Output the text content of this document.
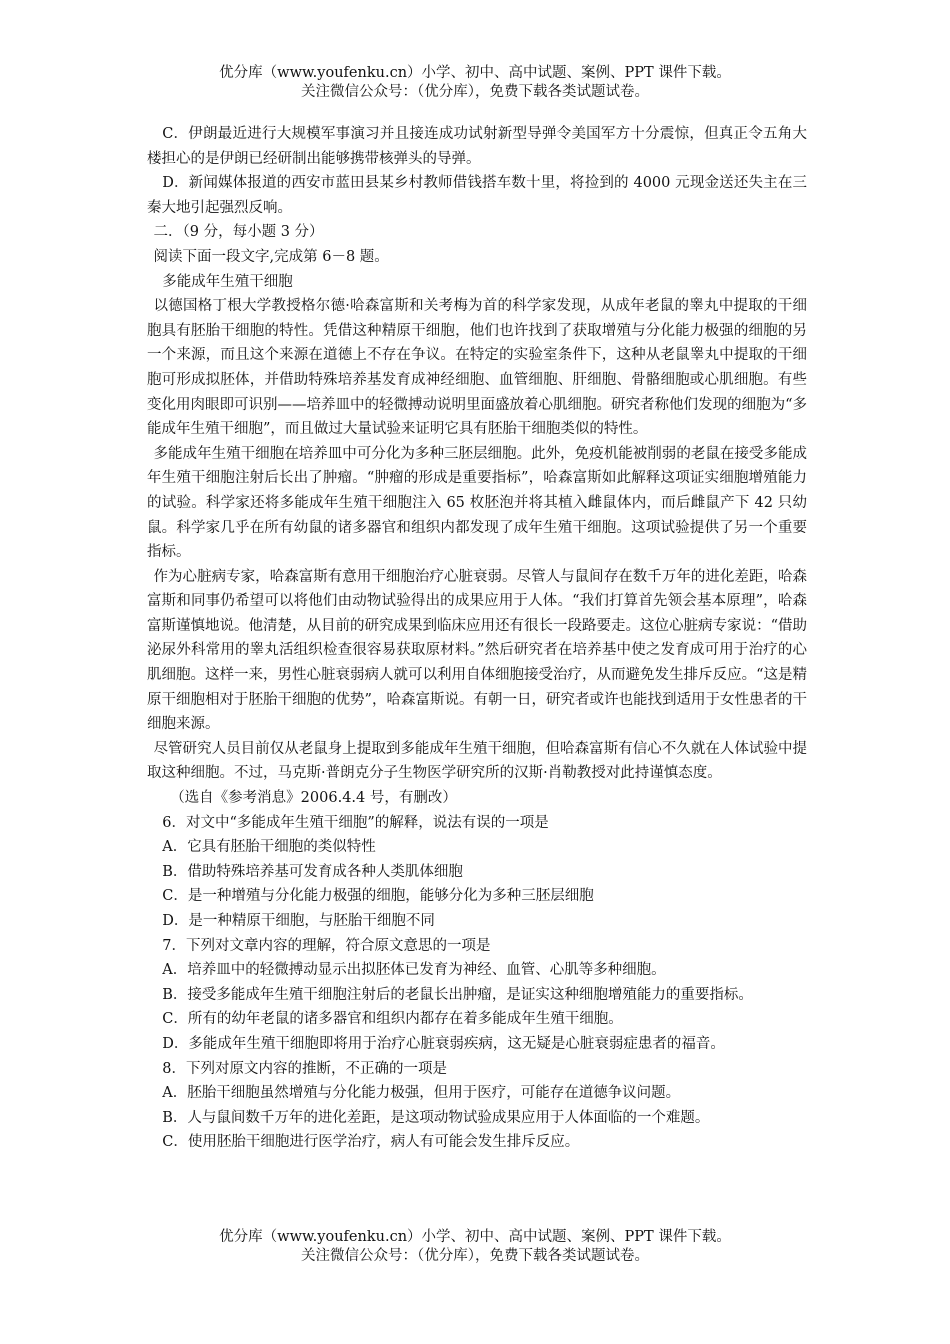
优分库（www.youfenku.cn）小学、初中、高中试题、案例、PPT 课件下载。
关注微信公众号：（优分库），免费下载各类试题试卷。

C．伊朗最近进行大规模军事演习并且接连成功试射新型导弹令美国军方十分震惊，但真正令五角大楼担心的是伊朗已经研制出能够携带核弹头的导弹。

D．新闻媒体报道的西安市蓝田县某乡村教师借钱搭车数十里，将捡到的 4000 元现金送还失主在三秦大地引起强烈反响。

二．（9 分，每小题 3 分）

阅读下面一段文字,完成第 6－8 题。

多能成年生殖干细胞

以德国格丁根大学教授格尔德·哈森富斯和关考梅为首的科学家发现，从成年老鼠的睾丸中提取的干细胞具有胚胎干细胞的特性。凭借这种精原干细胞，他们也许找到了获取增殖与分化能力极强的细胞的另一个来源，而且这个来源在道德上不存在争议。在特定的实验室条件下，这种从老鼠睾丸中提取的干细胞可形成拟胚体，并借助特殊培养基发育成神经细胞、血管细胞、肝细胞、骨骼细胞或心肌细胞。有些变化用肉眼即可识别——培养皿中的轻微搏动说明里面盛放着心肌细胞。研究者称他们发现的细胞为“多能成年生殖干细胞”，而且做过大量试验来证明它具有胚胎干细胞类似的特性。

多能成年生殖干细胞在培养皿中可分化为多种三胚层细胞。此外，免疫机能被削弱的老鼠在接受多能成年生殖干细胞注射后长出了肿瘤。“肿瘤的形成是重要指标”，哈森富斯如此解释这项证实细胞增殖能力的试验。科学家还将多能成年生殖干细胞注入 65 枚胚泡并将其植入雌鼠体内，而后雌鼠产下 42 只幼鼠。科学家几乎在所有幼鼠的诸多器官和组织内都发现了成年生殖干细胞。这项试验提供了另一个重要指标。

作为心脏病专家，哈森富斯有意用干细胞治疗心脏衰弱。尽管人与鼠间存在数千万年的进化差距，哈森富斯和同事仍希望可以将他们由动物试验得出的成果应用于人体。“我们打算首先领会基本原理”，哈森富斯谨慎地说。他清楚，从目前的研究成果到临床应用还有很长一段路要走。这位心脏病专家说：“借助泌尿外科常用的睾丸活组织检查很容易获取原材料。”然后研究者在培养基中使之发育成可用于治疗的心肌细胞。这样一来，男性心脏衰弱病人就可以利用自体细胞接受治疗，从而避免发生排斥反应。“这是精原干细胞相对于胚胎干细胞的优势”，哈森富斯说。有朝一日，研究者或许也能找到适用于女性患者的干细胞来源。

尽管研究人员目前仅从老鼠身上提取到多能成年生殖干细胞，但哈森富斯有信心不久就在人体试验中提取这种细胞。不过，马克斯·普朗克分子生物医学研究所的汉斯·肖勒教授对此持谨慎态度。

（选自《参考消息》2006.4.4 号，有删改）

6．对文中“多能成年生殖干细胞”的解释，说法有误的一项是

A．它具有胚胎干细胞的类似特性

B．借助特殊培养基可发育成各种人类肌体细胞

C．是一种增殖与分化能力极强的细胞，能够分化为多种三胚层细胞

D．是一种精原干细胞，与胚胎干细胞不同

7．下列对文章内容的理解，符合原文意思的一项是

A．培养皿中的轻微搏动显示出拟胚体已发育为神经、血管、心肌等多种细胞。

B．接受多能成年生殖干细胞注射后的老鼠长出肿瘤，是证实这种细胞增殖能力的重要指标。

C．所有的幼年老鼠的诸多器官和组织内都存在着多能成年生殖干细胞。

D．多能成年生殖干细胞即将用于治疗心脏衰弱疾病，这无疑是心脏衰弱症患者的福音。

8．下列对原文内容的推断，不正确的一项是

A．胚胎干细胞虽然增殖与分化能力极强，但用于医疗，可能存在道德争议问题。

B．人与鼠间数千万年的进化差距，是这项动物试验成果应用于人体面临的一个难题。

C．使用胚胎干细胞进行医学治疗，病人有可能会发生排斥反应。

优分库（www.youfenku.cn）小学、初中、高中试题、案例、PPT 课件下载。
关注微信公众号：（优分库），免费下载各类试题试卷。
